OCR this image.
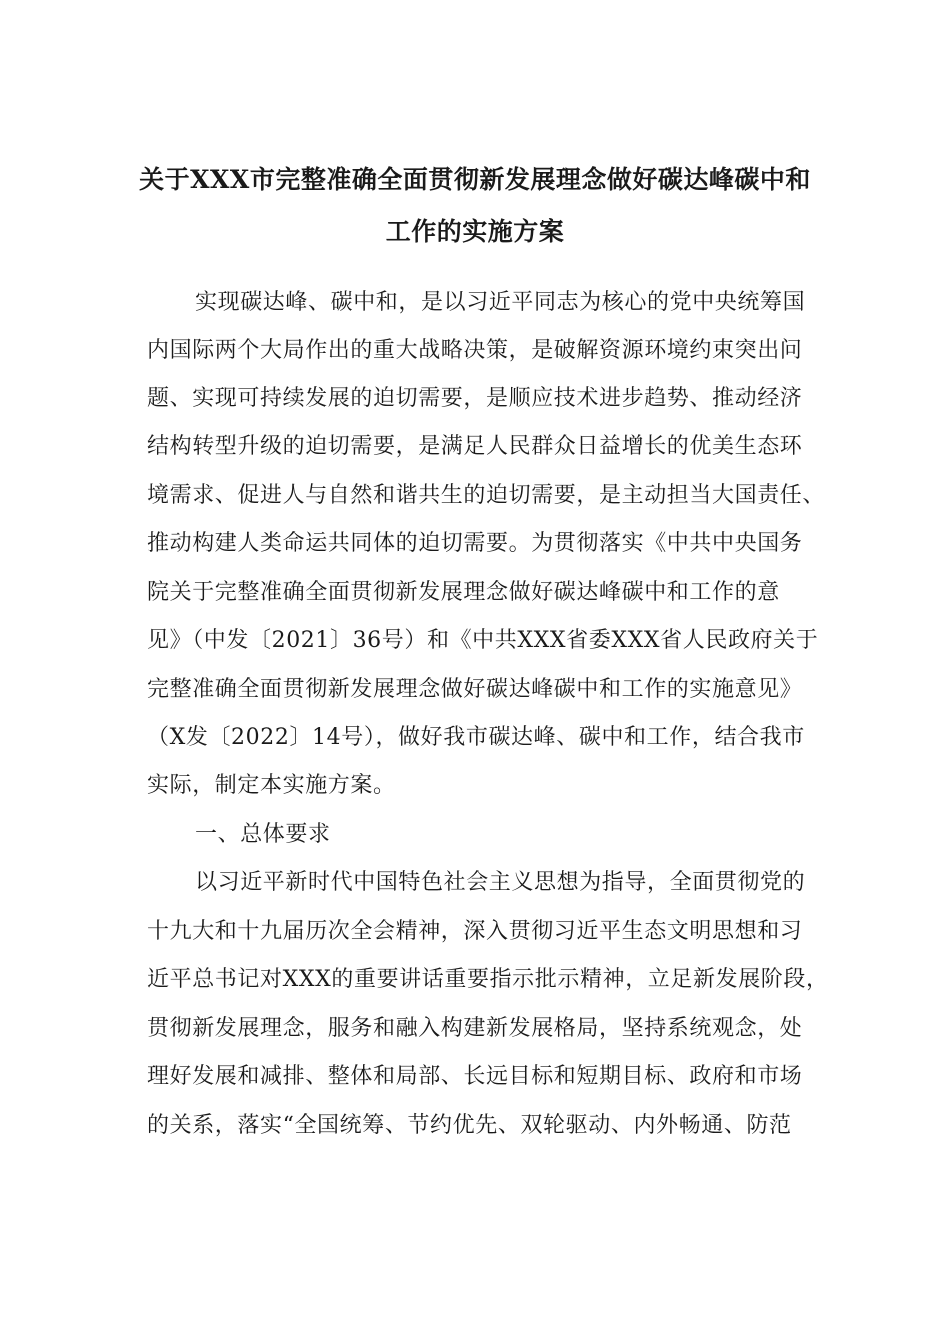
关于XXX市完整准确全面贯彻新发展理念做好碳达峰碳中和
工作的实施方案
实现碳达峰、碳中和，是以习近平同志为核心的党中央统筹国
内国际两个大局作出的重大战略决策，是破解资源环境约束突出问
题、实现可持续发展的迫切需要，是顺应技术进步趋势、推动经济
结构转型升级的迫切需要，是满足人民群众日益增长的优美生态环
境需求、促进人与自然和谐共生的迫切需要，是主动担当大国责任、
推动构建人类命运共同体的迫切需要。为贯彻落实《中共中央国务
院关于完整准确全面贯彻新发展理念做好碳达峰碳中和工作的意
见》（中发〔2021〕36号）和《中共XXX省委XXX省人民政府关于
完整准确全面贯彻新发展理念做好碳达峰碳中和工作的实施意见》
（X发〔2022〕14号），做好我市碳达峰、碳中和工作，结合我市
实际，制定本实施方案。
一、总体要求
以习近平新时代中国特色社会主义思想为指导，全面贯彻党的
十九大和十九届历次全会精神，深入贯彻习近平生态文明思想和习
近平总书记对XXX的重要讲话重要指示批示精神，立足新发展阶段，
贯彻新发展理念，服务和融入构建新发展格局，坚持系统观念，处
理好发展和减排、整体和局部、长远目标和短期目标、政府和市场
的关系，落实“全国统筹、节约优先、双轮驱动、内外畅通、防范
